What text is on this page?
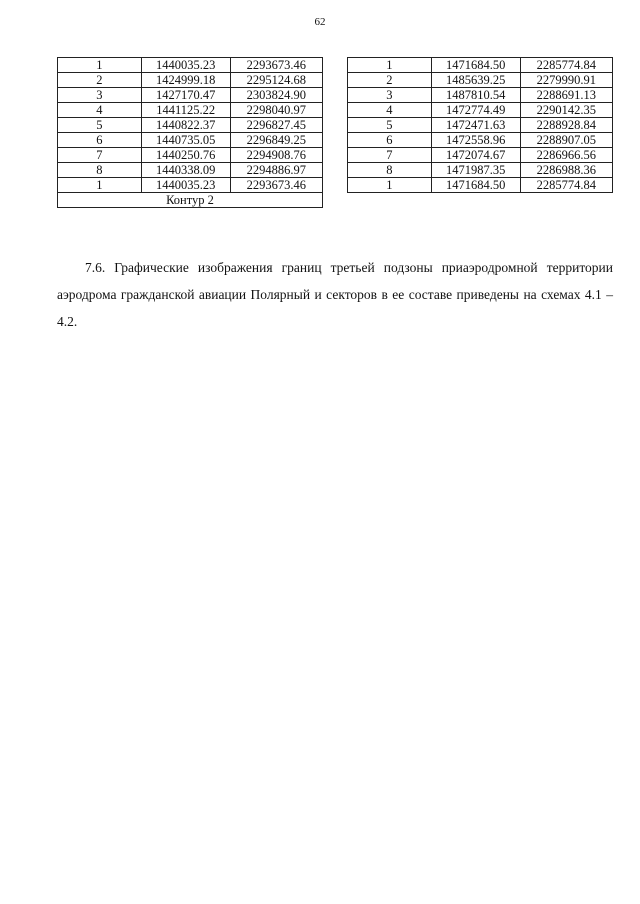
62
1	1440035.23	2293673.46
2	1424999.18	2295124.68
3	1427170.47	2303824.90
4	1441125.22	2298040.97
5	1440822.37	2296827.45
6	1440735.05	2296849.25
7	1440250.76	2294908.76
8	1440338.09	2294886.97
1	1440035.23	2293673.46
Контур 2		
1	1471684.50	2285774.84
2	1485639.25	2279990.91
3	1487810.54	2288691.13
4	1472774.49	2290142.35
5	1472471.63	2288928.84
6	1472558.96	2288907.05
7	1472074.67	2286966.56
8	1471987.35	2286988.36
1	1471684.50	2285774.84

7.6. Графические изображения границ третьей подзоны приаэродромной территории аэродрома гражданской авиации Полярный и секторов в ее составе приведены на схемах 4.1 – 4.2.
